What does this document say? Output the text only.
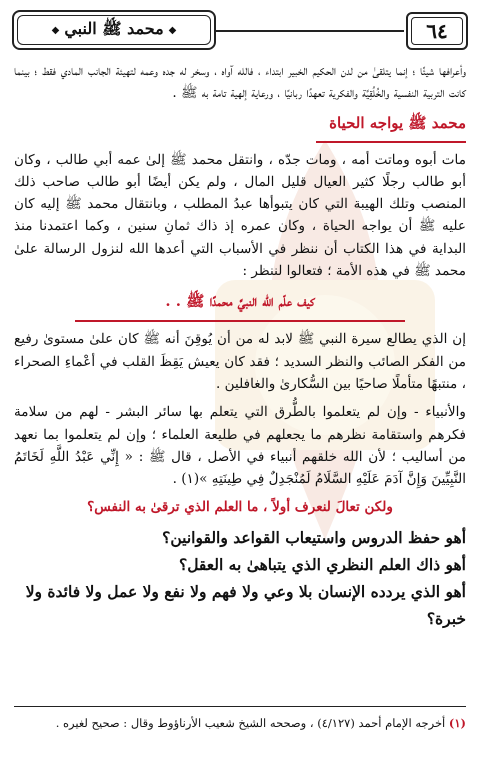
◆ محمد ﷺ النبي ◆	٦٤

وأعرافها شيئًا ؛ إنما يتلقىٰ من لدن الحكيم الخبير ابتداء ، فالله آواه ، وسخر له جده وعمه لتهيئة الجانب المادي فقط ؛ بينما كانت التربية النفسية والخُلُقِيَّة والفكرية تعهدًا ربانيًا ، ورعاية إلهية تامة به ﷺ .

محمد ﷺ يواجه الحياة

مات أبوه وماتت أمه ، ومات جدّه ، وانتقل محمد ﷺ إلىٰ عمه أبي طالب ، وكان أبو طالب رجلًا كثير العيال قليل المال ، ولم يكن أيضًا أبو طالب صاحب ذلك المنصب وتلك الهيبة التي كان يتبوأها عبدُ المطلب ، وبانتقال محمد ﷺ إليه كان عليه ﷺ أن يواجه الحياة ، وكان عمره إذ ذاك ثمانِ سنين ، وكما اعتمدنا منذ البداية في هذا الكتاب أن ننظر في الأسباب التي أعدها الله لنزول الرسالة علىٰ محمد ﷺ في هذه الأمة ؛ فتعالوا لننظر :

كيف علّم الله النبيَّ محمدًا ﷺ . .

إن الذي يطالع سيرة النبي ﷺ لابد له من أن يُوقِنَ أنه ﷺ كان علىٰ مستوىٰ رفيع من الفكر الصائب والنظر السديد ؛ فقد كان يعيش يَقِظَ القلب في أعْماءِ الصحراء ، منتبهًا متأملًا صاحيًا بين السُّكارىٰ والغافلين .

والأنبياء - وإن لم يتعلموا بالطُّرق التي يتعلم بها سائر البشر - لهم من سلامة فكرهم واستقامة نظرهم ما يجعلهم في طليعة العلماء ؛ وإن لم يتعلموا بما نعهد من أساليب ؛ لأن الله خلقهم أنبياء في الأصل ، قال ﷺ : « إِنِّي عَبْدُ اللَّهِ لَخَاتَمُ النَّبِيِّينَ وَإِنَّ آدَمَ عَلَيْهِ السَّلَامُ لَمُنْجَدِلٌ فِي طِينَتِهِ »(١) .

ولكن تعالَ لنعرف أولاً ، ما العلم الذي ترقىٰ به النفس؟
أهو حفظ الدروس واستيعاب القواعد والقوانين؟
أهو ذاك العلم النظري الذي يتباهىٰ به العقل؟
أهو الذي يردده الإنسان بلا وعي ولا فهم ولا نفع ولا عمل ولا فائدة ولا خبرة؟
(١) أخرجه الإمام أحمد (٤/١٢٧) ، وصححه الشيخ شعيب الأرناؤوط وقال : صحيح لغيره .
